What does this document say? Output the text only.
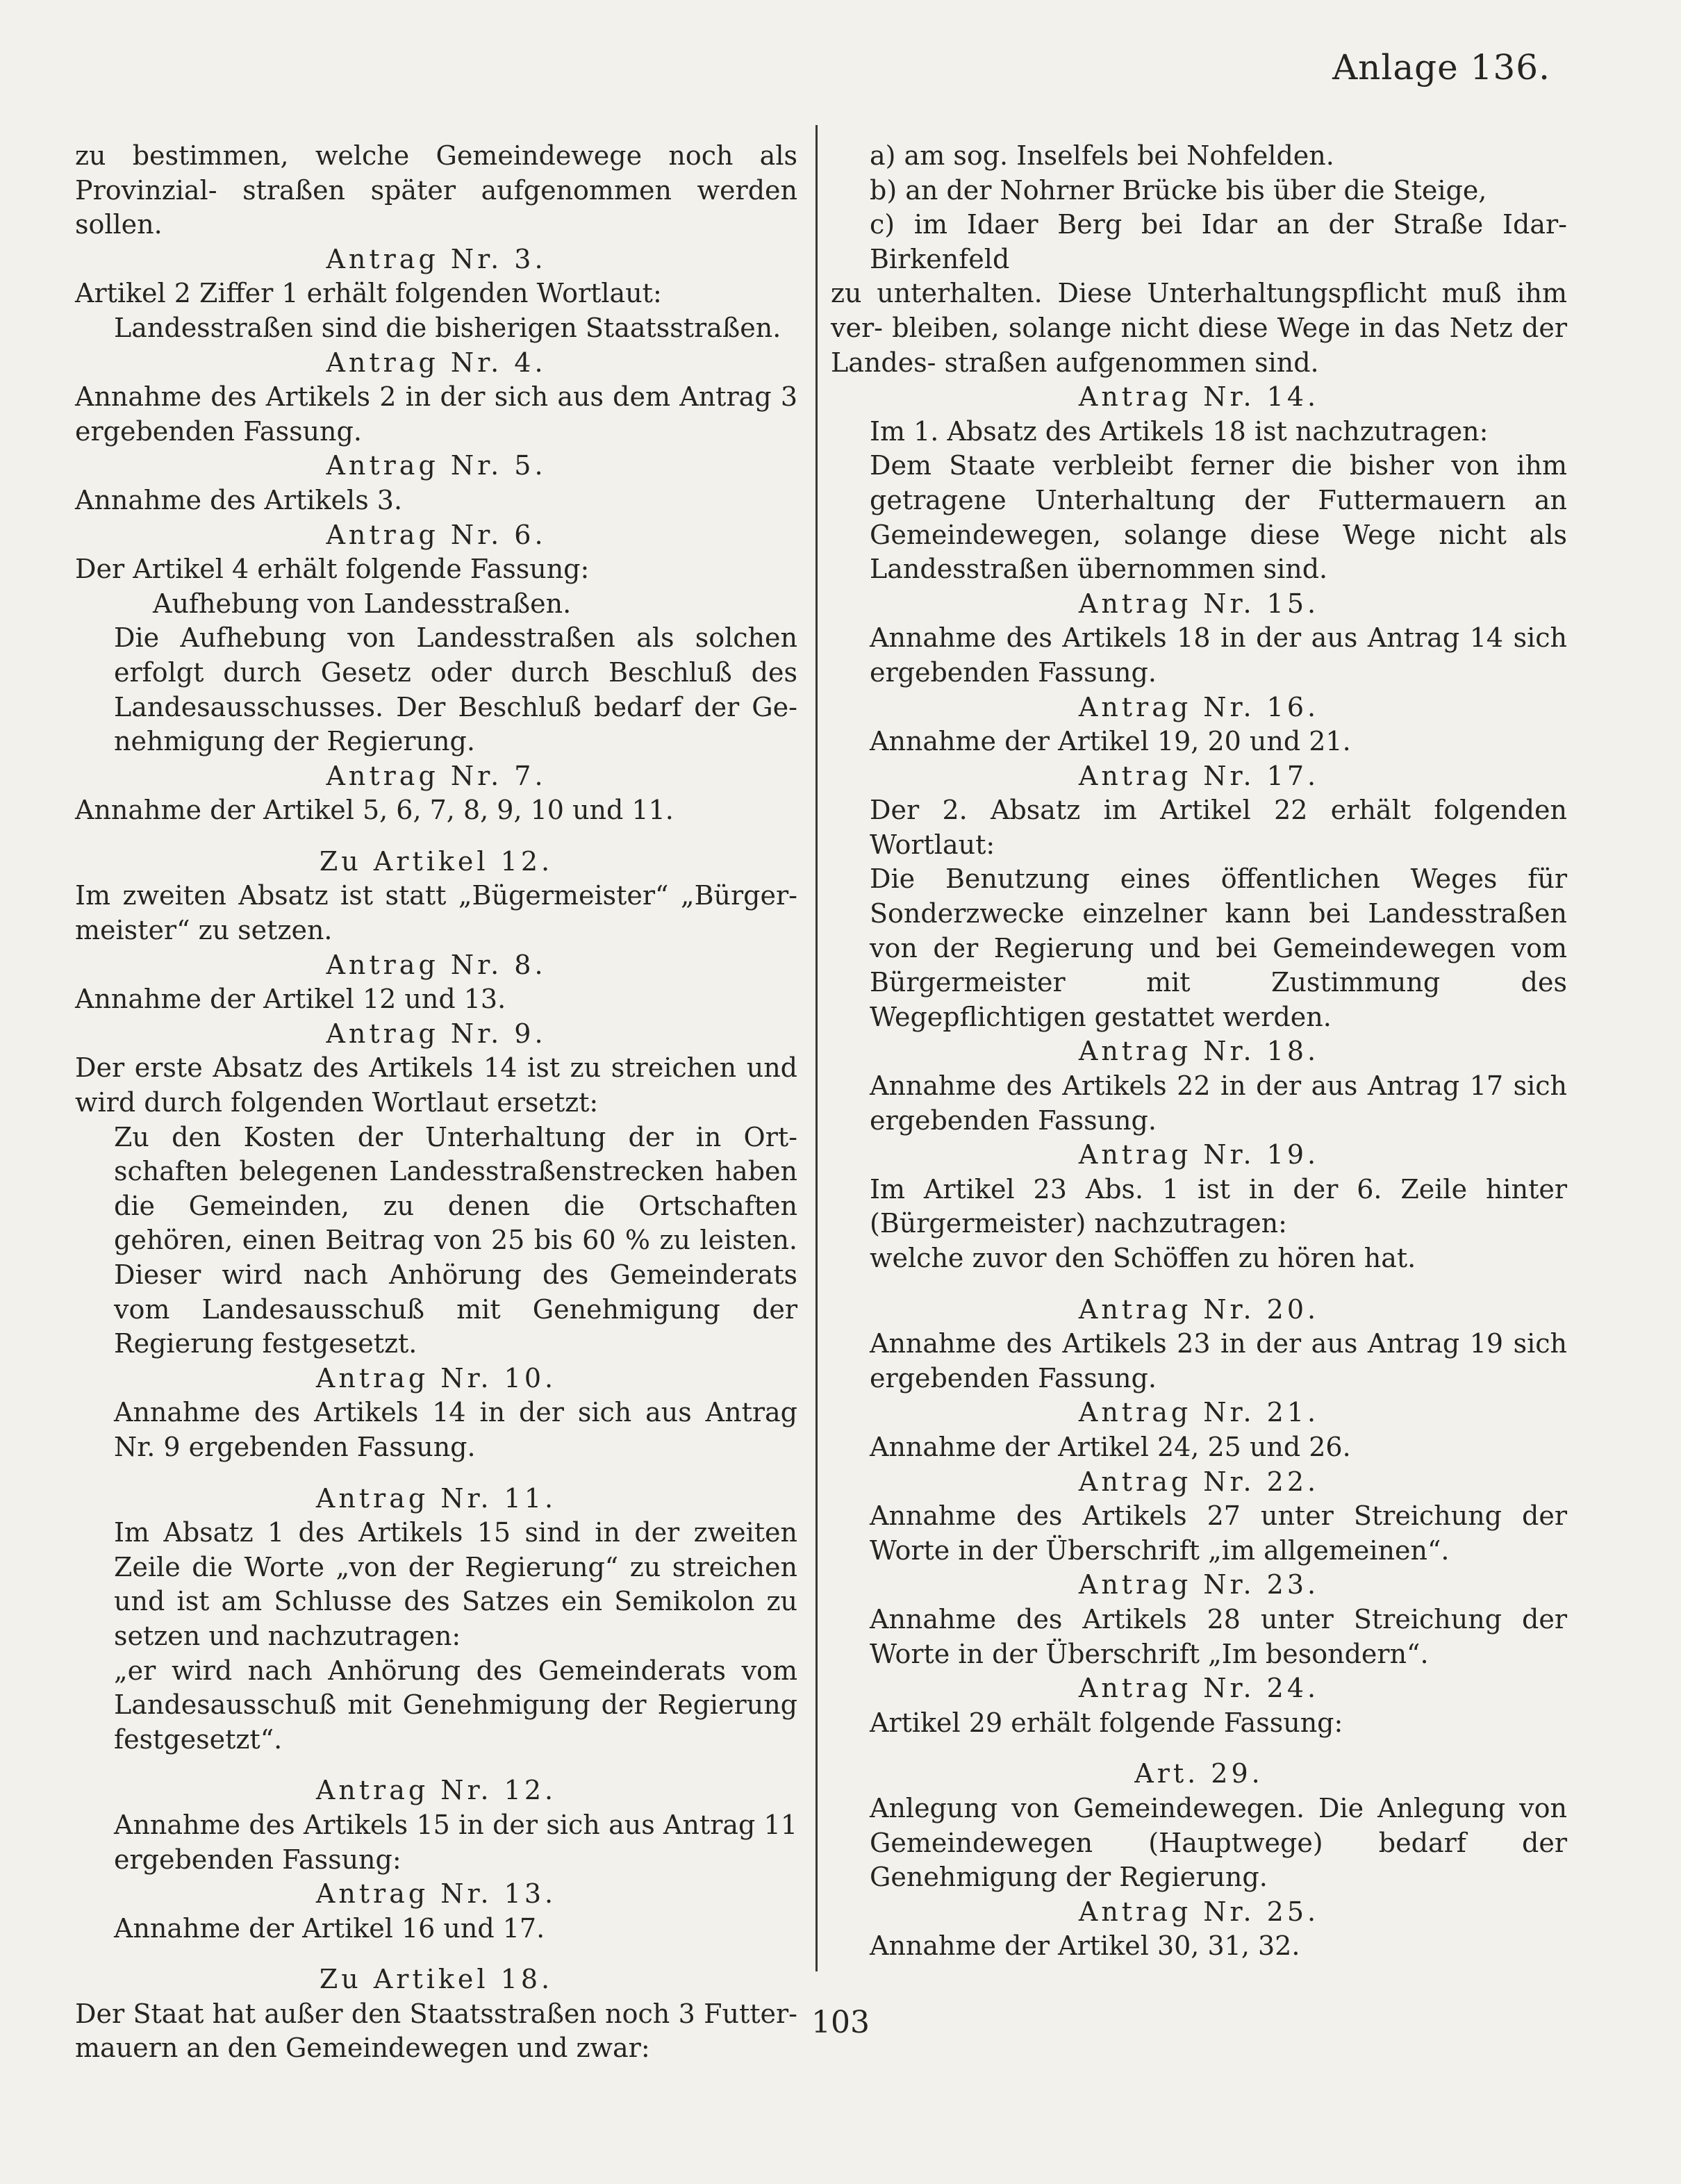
Anlage 136.

zu bestimmen, welche Gemeindewege noch als Provinzial- straßen später aufgenommen werden sollen.

Antrag Nr. 3.

Artikel 2 Ziffer 1 erhält folgenden Wortlaut:

Landesstraßen sind die bisherigen Staatsstraßen.

Antrag Nr. 4.

Annahme des Artikels 2 in der sich aus dem Antrag 3 ergebenden Fassung.

Antrag Nr. 5.

Annahme des Artikels 3.

Antrag Nr. 6.

Der Artikel 4 erhält folgende Fassung:

Aufhebung von Landesstraßen.

Die Aufhebung von Landesstraßen als solchen erfolgt durch Gesetz oder durch Beschluß des Landesausschusses. Der Beschluß bedarf der Ge- nehmigung der Regierung.

Antrag Nr. 7.

Annahme der Artikel 5, 6, 7, 8, 9, 10 und 11.

Zu Artikel 12.

Im zweiten Absatz ist statt „Bügermeister“ „Bürger- meister“ zu setzen.

Antrag Nr. 8.

Annahme der Artikel 12 und 13.

Antrag Nr. 9.

Der erste Absatz des Artikels 14 ist zu streichen und wird durch folgenden Wortlaut ersetzt:

Zu den Kosten der Unterhaltung der in Ort- schaften belegenen Landesstraßenstrecken haben die Gemeinden, zu denen die Ortschaften gehören, einen Beitrag von 25 bis 60 % zu leisten. Dieser wird nach Anhörung des Gemeinderats vom Landesausschuß mit Genehmigung der Regierung festgesetzt.

Antrag Nr. 10.

Annahme des Artikels 14 in der sich aus Antrag Nr. 9 ergebenden Fassung.

Antrag Nr. 11.

Im Absatz 1 des Artikels 15 sind in der zweiten Zeile die Worte „von der Regierung“ zu streichen und ist am Schlusse des Satzes ein Semikolon zu setzen und nachzutragen:

„er wird nach Anhörung des Gemeinderats vom Landesausschuß mit Genehmigung der Regierung festgesetzt“.

Antrag Nr. 12.

Annahme des Artikels 15 in der sich aus Antrag 11 ergebenden Fassung:

Antrag Nr. 13.

Annahme der Artikel 16 und 17.

Zu Artikel 18.

Der Staat hat außer den Staatsstraßen noch 3 Futter- mauern an den Gemeindewegen und zwar:

a) am sog. Inselfels bei Nohfelden.

b) an der Nohrner Brücke bis über die Steige,

c) im Idaer Berg bei Idar an der Straße Idar- Birkenfeld

zu unterhalten. Diese Unterhaltungspflicht muß ihm ver- bleiben, solange nicht diese Wege in das Netz der Landes- straßen aufgenommen sind.

Antrag Nr. 14.

Im 1. Absatz des Artikels 18 ist nachzutragen:

Dem Staate verbleibt ferner die bisher von ihm getragene Unterhaltung der Futtermauern an Gemeindewegen, solange diese Wege nicht als Landesstraßen übernommen sind.

Antrag Nr. 15.

Annahme des Artikels 18 in der aus Antrag 14 sich ergebenden Fassung.

Antrag Nr. 16.

Annahme der Artikel 19, 20 und 21.

Antrag Nr. 17.

Der 2. Absatz im Artikel 22 erhält folgenden Wortlaut:

Die Benutzung eines öffentlichen Weges für Sonderzwecke einzelner kann bei Landesstraßen von der Regierung und bei Gemeindewegen vom Bürgermeister mit Zustimmung des Wegepflichtigen gestattet werden.

Antrag Nr. 18.

Annahme des Artikels 22 in der aus Antrag 17 sich ergebenden Fassung.

Antrag Nr. 19.

Im Artikel 23 Abs. 1 ist in der 6. Zeile hinter (Bürgermeister) nachzutragen:

welche zuvor den Schöffen zu hören hat.

Antrag Nr. 20.

Annahme des Artikels 23 in der aus Antrag 19 sich ergebenden Fassung.

Antrag Nr. 21.

Annahme der Artikel 24, 25 und 26.

Antrag Nr. 22.

Annahme des Artikels 27 unter Streichung der Worte in der Überschrift „im allgemeinen“.

Antrag Nr. 23.

Annahme des Artikels 28 unter Streichung der Worte in der Überschrift „Im besondern“.

Antrag Nr. 24.

Artikel 29 erhält folgende Fassung:

Art. 29.

Anlegung von Gemeindewegen. Die Anlegung von Gemeindewegen (Hauptwege) bedarf der Genehmigung der Regierung.

Antrag Nr. 25.

Annahme der Artikel 30, 31, 32.

103
